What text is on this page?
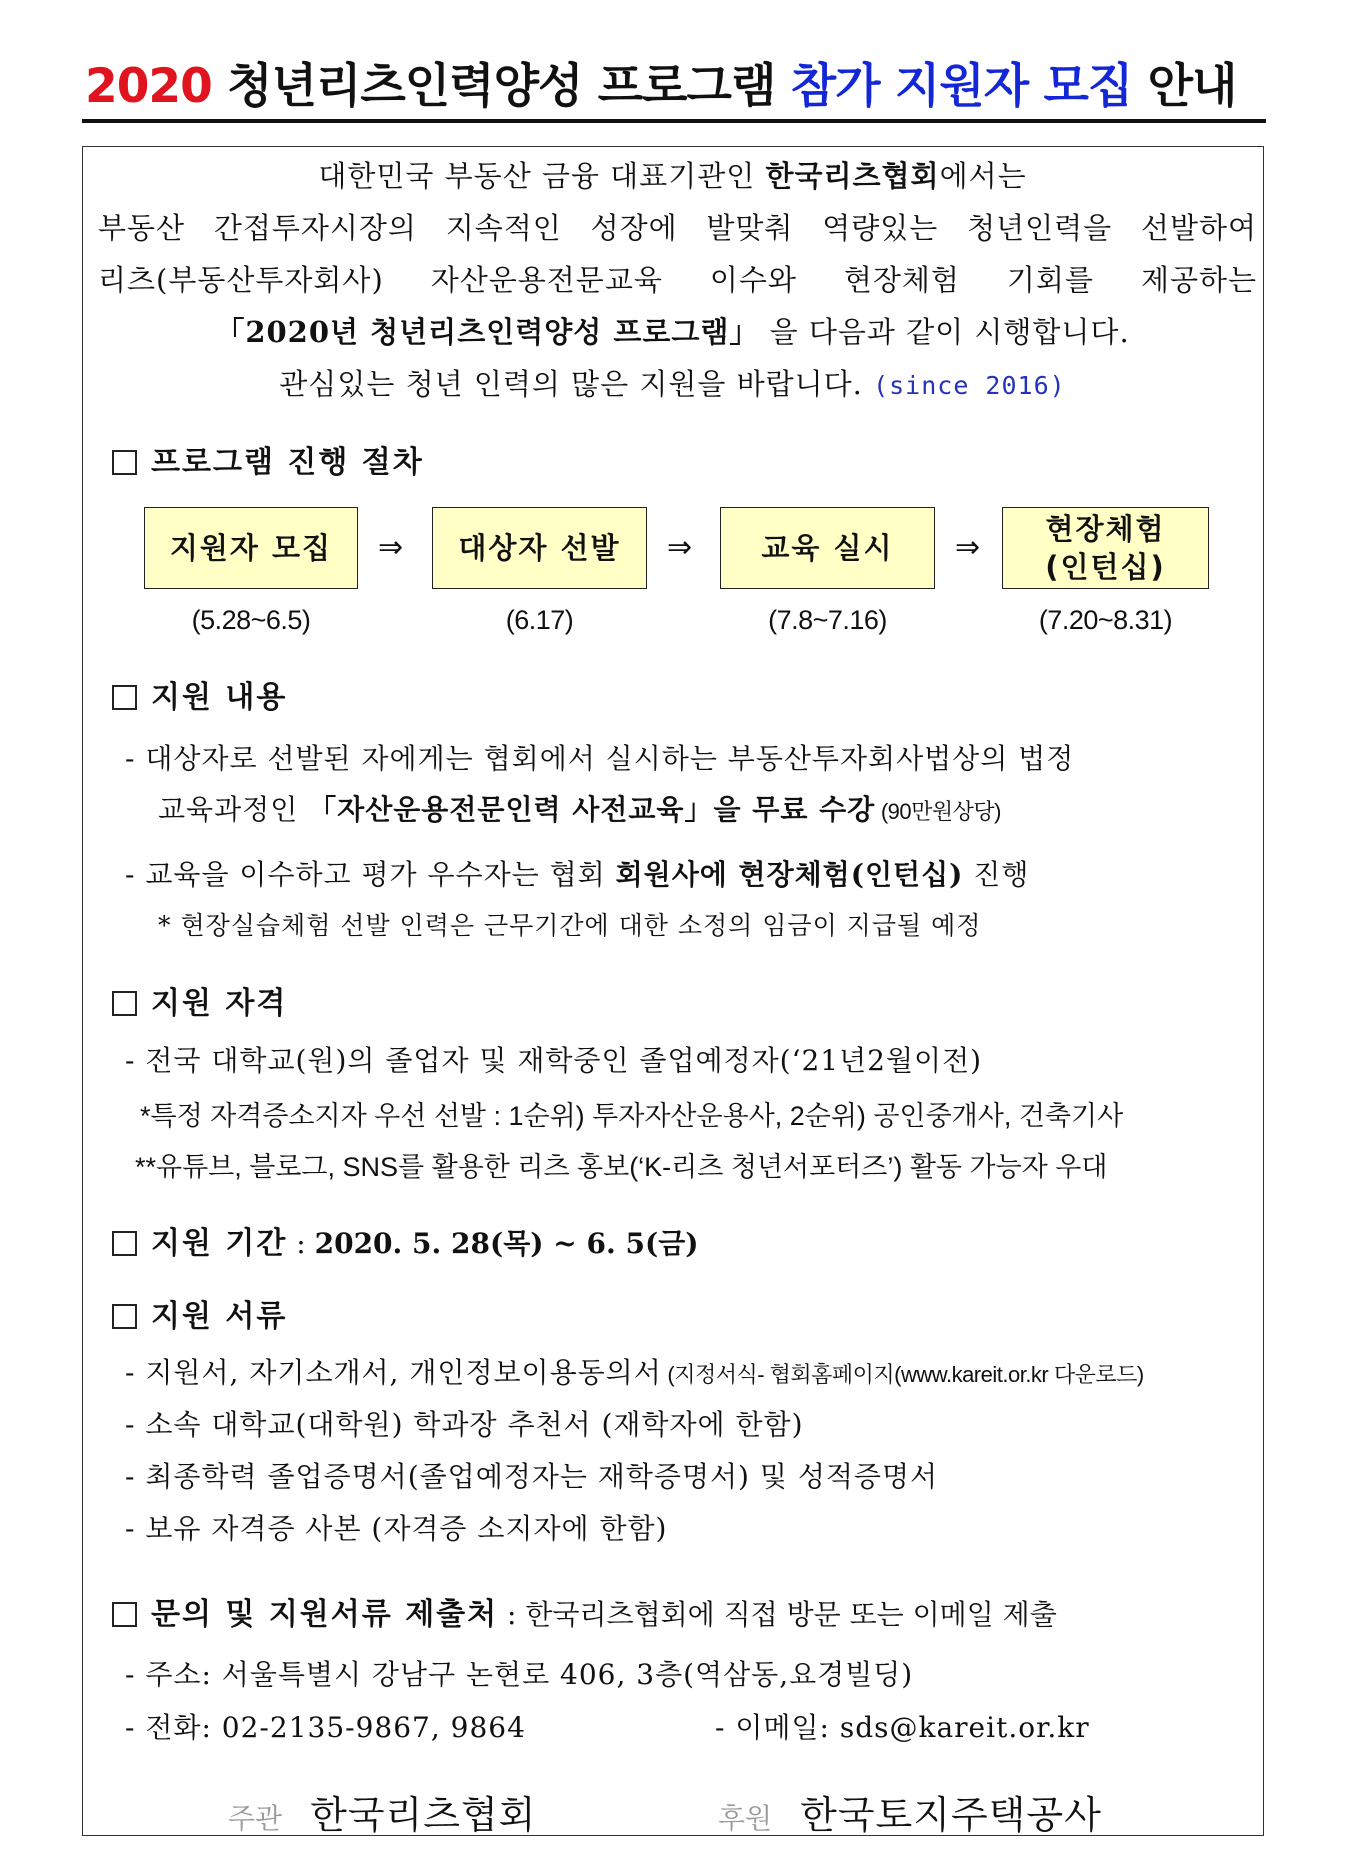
2020 청년리츠인력양성 프로그램 참가 지원자 모집 안내
대한민국 부동산 금융 대표기관인 한국리츠협회에서는
부동산 간접투자시장의 지속적인 성장에 발맞춰 역량있는 청년인력을 선발하여
리츠(부동산투자회사) 자산운용전문교육 이수와 현장체험 기회를 제공하는
「2020년 청년리츠인력양성 프로그램」 을 다음과 같이 시행합니다.
관심있는 청년 인력의 많은 지원을 바랍니다. (since 2016)
프로그램 진행 절차
지원자 모집	⇒	대상자 선발	⇒	교육 실시	⇒
현장체험
(인턴십)
(5.28~6.5)	(6.17)	(7.8~7.16)	(7.20~8.31)
지원 내용
- 대상자로 선발된 자에게는 협회에서 실시하는 부동산투자회사법상의 법정
교육과정인 「자산운용전문인력 사전교육」을 무료 수강 (90만원상당)
- 교육을 이수하고 평가 우수자는 협회 회원사에 현장체험(인턴십) 진행
* 현장실습체험 선발 인력은 근무기간에 대한 소정의 임금이 지급될 예정
지원 자격
- 전국 대학교(원)의 졸업자 및 재학중인 졸업예정자(‘21년2월이전)
*특정 자격증소지자 우선 선발 : 1순위) 투자자산운용사, 2순위) 공인중개사, 건축기사
**유튜브, 블로그, SNS를 활용한 리츠 홍보(‘K-리츠 청년서포터즈’) 활동 가능자 우대
지원 기간 : 2020. 5. 28(목) ~ 6. 5(금)
지원 서류
- 지원서, 자기소개서, 개인정보이용동의서 (지정서식- 협회홈페이지(www.kareit.or.kr 다운로드)
- 소속 대학교(대학원) 학과장 추천서 (재학자에 한함)
- 최종학력 졸업증명서(졸업예정자는 재학증명서) 및 성적증명서
- 보유 자격증 사본 (자격증 소지자에 한함)
문의 및 지원서류 제출처 : 한국리츠협회에 직접 방문 또는 이메일 제출
- 주소: 서울특별시 강남구 논현로 406, 3층(역삼동,요경빌딩)
- 전화: 02-2135-9867, 9864	- 이메일: sds@kareit.or.kr
주관 한국리츠협회	후원 한국토지주택공사
